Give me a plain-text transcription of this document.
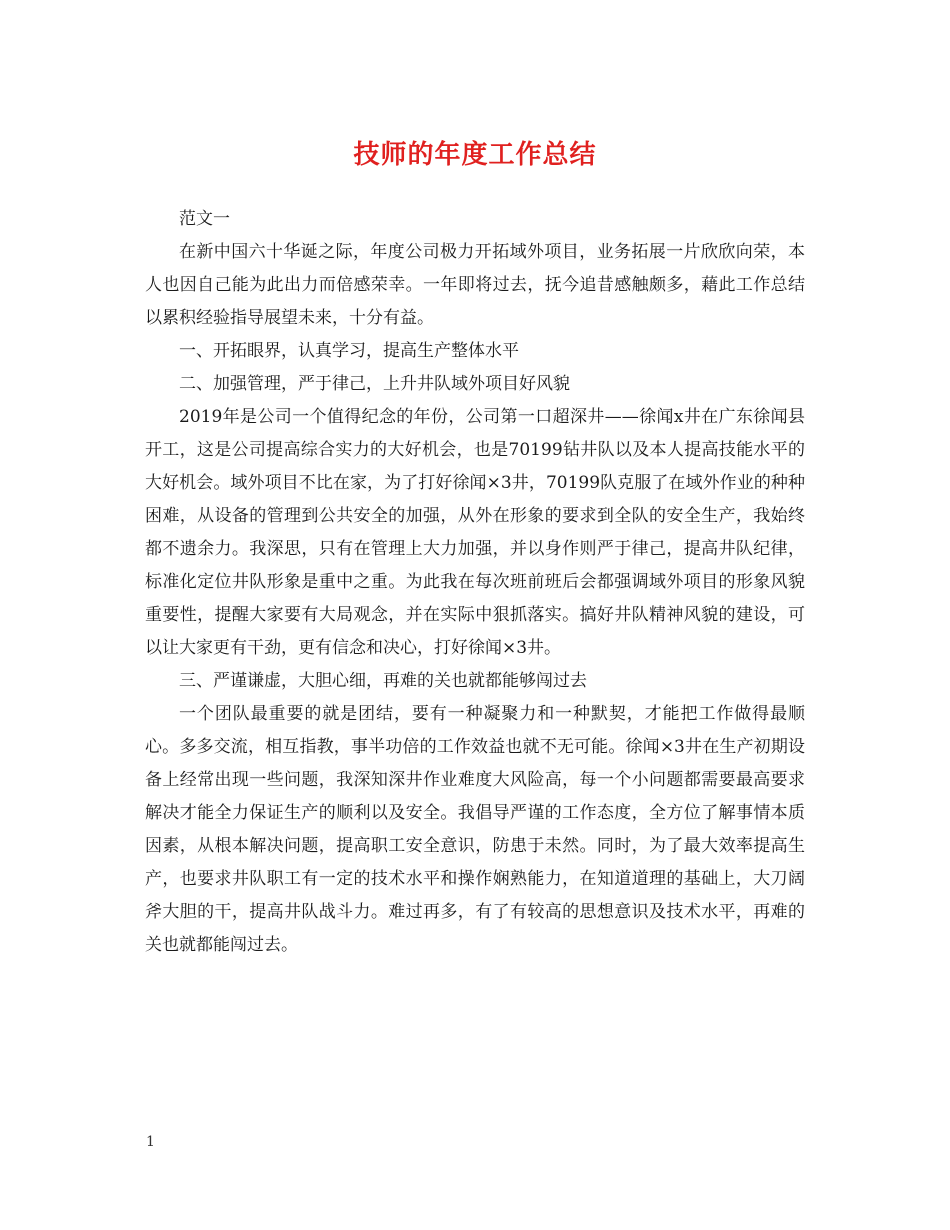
技师的年度工作总结

范文一

在新中国六十华诞之际，年度公司极力开拓域外项目，业务拓展一片欣欣向荣，本人也因自己能为此出力而倍感荣幸。一年即将过去，抚今追昔感触颇多，藉此工作总结以累积经验指导展望未来，十分有益。

一、开拓眼界，认真学习，提高生产整体水平

二、加强管理，严于律己，上升井队域外项目好风貌

2019年是公司一个值得纪念的年份，公司第一口超深井——徐闻x井在广东徐闻县开工，这是公司提高综合实力的大好机会，也是70199钻井队以及本人提高技能水平的大好机会。域外项目不比在家，为了打好徐闻×3井，70199队克服了在域外作业的种种困难，从设备的管理到公共安全的加强，从外在形象的要求到全队的安全生产，我始终都不遗余力。我深思，只有在管理上大力加强，并以身作则严于律己，提高井队纪律，标准化定位井队形象是重中之重。为此我在每次班前班后会都强调域外项目的形象风貌重要性，提醒大家要有大局观念，并在实际中狠抓落实。搞好井队精神风貌的建设，可以让大家更有干劲，更有信念和决心，打好徐闻×3井。

三、严谨谦虚，大胆心细，再难的关也就都能够闯过去

一个团队最重要的就是团结，要有一种凝聚力和一种默契，才能把工作做得最顺心。多多交流，相互指教，事半功倍的工作效益也就不无可能。徐闻×3井在生产初期设备上经常出现一些问题，我深知深井作业难度大风险高，每一个小问题都需要最高要求解决才能全力保证生产的顺利以及安全。我倡导严谨的工作态度，全方位了解事情本质因素，从根本解决问题，提高职工安全意识，防患于未然。同时，为了最大效率提高生产，也要求井队职工有一定的技术水平和操作娴熟能力，在知道道理的基础上，大刀阔斧大胆的干，提高井队战斗力。难过再多，有了有较高的思想意识及技术水平，再难的关也就都能闯过去。

1
